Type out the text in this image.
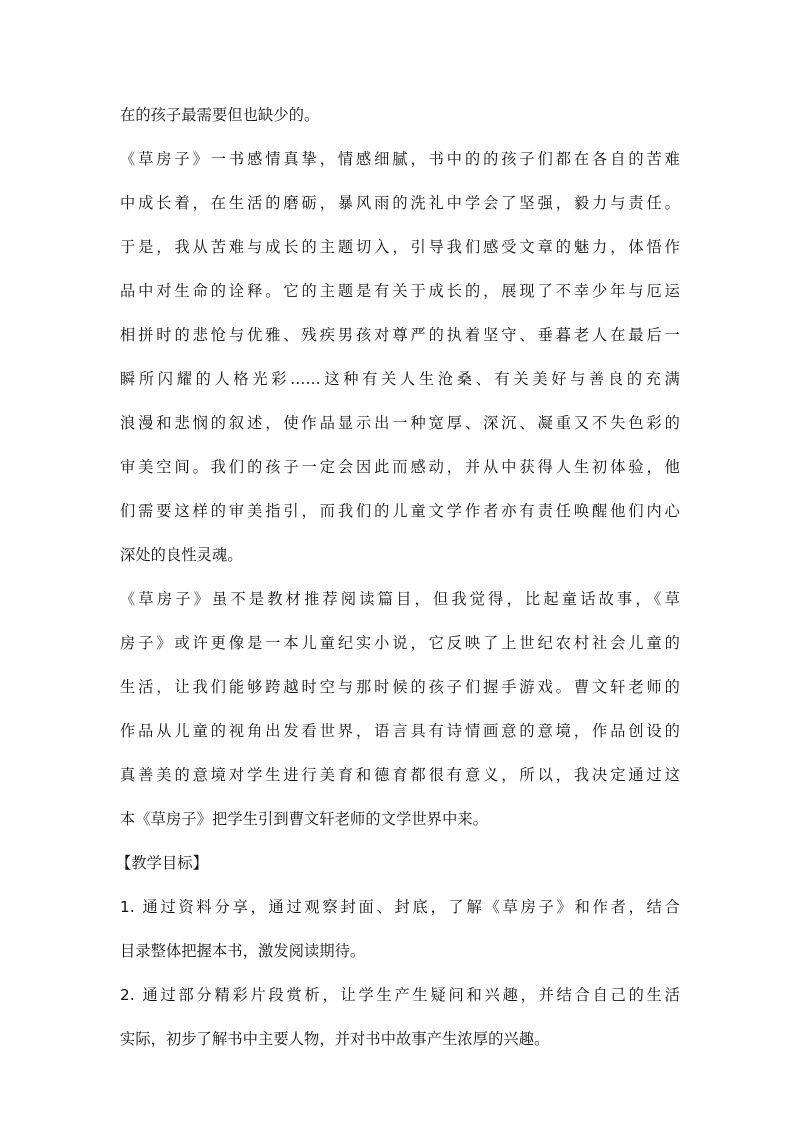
在的孩子最需要但也缺少的。
《草房子》一书感情真挚，情感细腻，书中的的孩子们都在各自的苦难
中成长着，在生活的磨砺，暴风雨的洗礼中学会了坚强，毅力与责任。
于是，我从苦难与成长的主题切入，引导我们感受文章的魅力，体悟作
品中对生命的诠释。它的主题是有关于成长的，展现了不幸少年与厄运
相拼时的悲怆与优雅、残疾男孩对尊严的执着坚守、垂暮老人在最后一
瞬所闪耀的人格光彩……这种有关人生沧桑、有关美好与善良的充满
浪漫和悲悯的叙述，使作品显示出一种宽厚、深沉、凝重又不失色彩的
审美空间。我们的孩子一定会因此而感动，并从中获得人生初体验，他
们需要这样的审美指引，而我们的儿童文学作者亦有责任唤醒他们内心
深处的良性灵魂。
《草房子》虽不是教材推荐阅读篇目，但我觉得，比起童话故事，《草
房子》或许更像是一本儿童纪实小说，它反映了上世纪农村社会儿童的
生活，让我们能够跨越时空与那时候的孩子们握手游戏。曹文轩老师的
作品从儿童的视角出发看世界，语言具有诗情画意的意境，作品创设的
真善美的意境对学生进行美育和德育都很有意义，所以，我决定通过这
本《草房子》把学生引到曹文轩老师的文学世界中来。
【教学目标】
1. 通过资料分享，通过观察封面、封底，了解《草房子》和作者，结合
目录整体把握本书，激发阅读期待。
2. 通过部分精彩片段赏析，让学生产生疑问和兴趣，并结合自己的生活
实际，初步了解书中主要人物，并对书中故事产生浓厚的兴趣。
